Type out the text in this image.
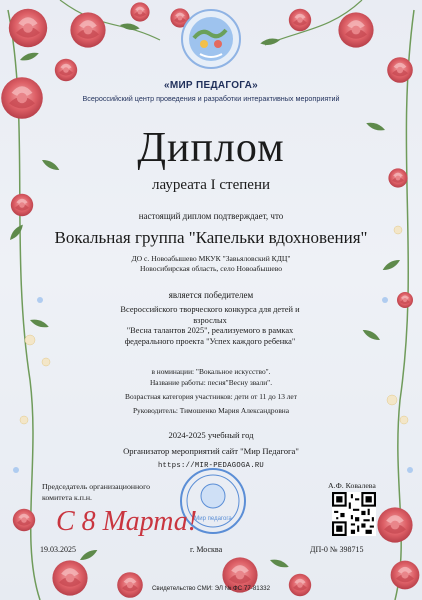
«МИР ПЕДАГОГА»
Всероссийский центр проведения и разработки интерактивных мероприятий
Диплом
лауреата I степени
настоящий диплом подтверждает, что
Вокальная группа "Капельки вдохновения"
ДО с. Новоабышево МКУК "Завьяловский КДЦ"
Новосибирская область, село Новоабышево
является победителем
Всероссийского творческого конкурса для детей и
взрослых
"Весна талантов 2025", реализуемого в рамках
федерального проекта "Успех каждого ребенка"
в номинации: "Вокальное искусство".
Название работы: песня"Весну звали".
Возрастная категория участников: дети от 11 до 13 лет
Руководитель: Тимошенко Мария Александровна
2024-2025 учебный год
Организатор мероприятий сайт "Мир Педагога"
https://MIR-PEDAGOGA.RU
Председатель организационного
комитета к.п.н.
А.Ф. Ковалева
Мир педагога
С 8 Марта!
19.03.2025	г. Москва	ДП-0 № 398715
Свидетельство СМИ: ЭЛ № ФС 77-81332
